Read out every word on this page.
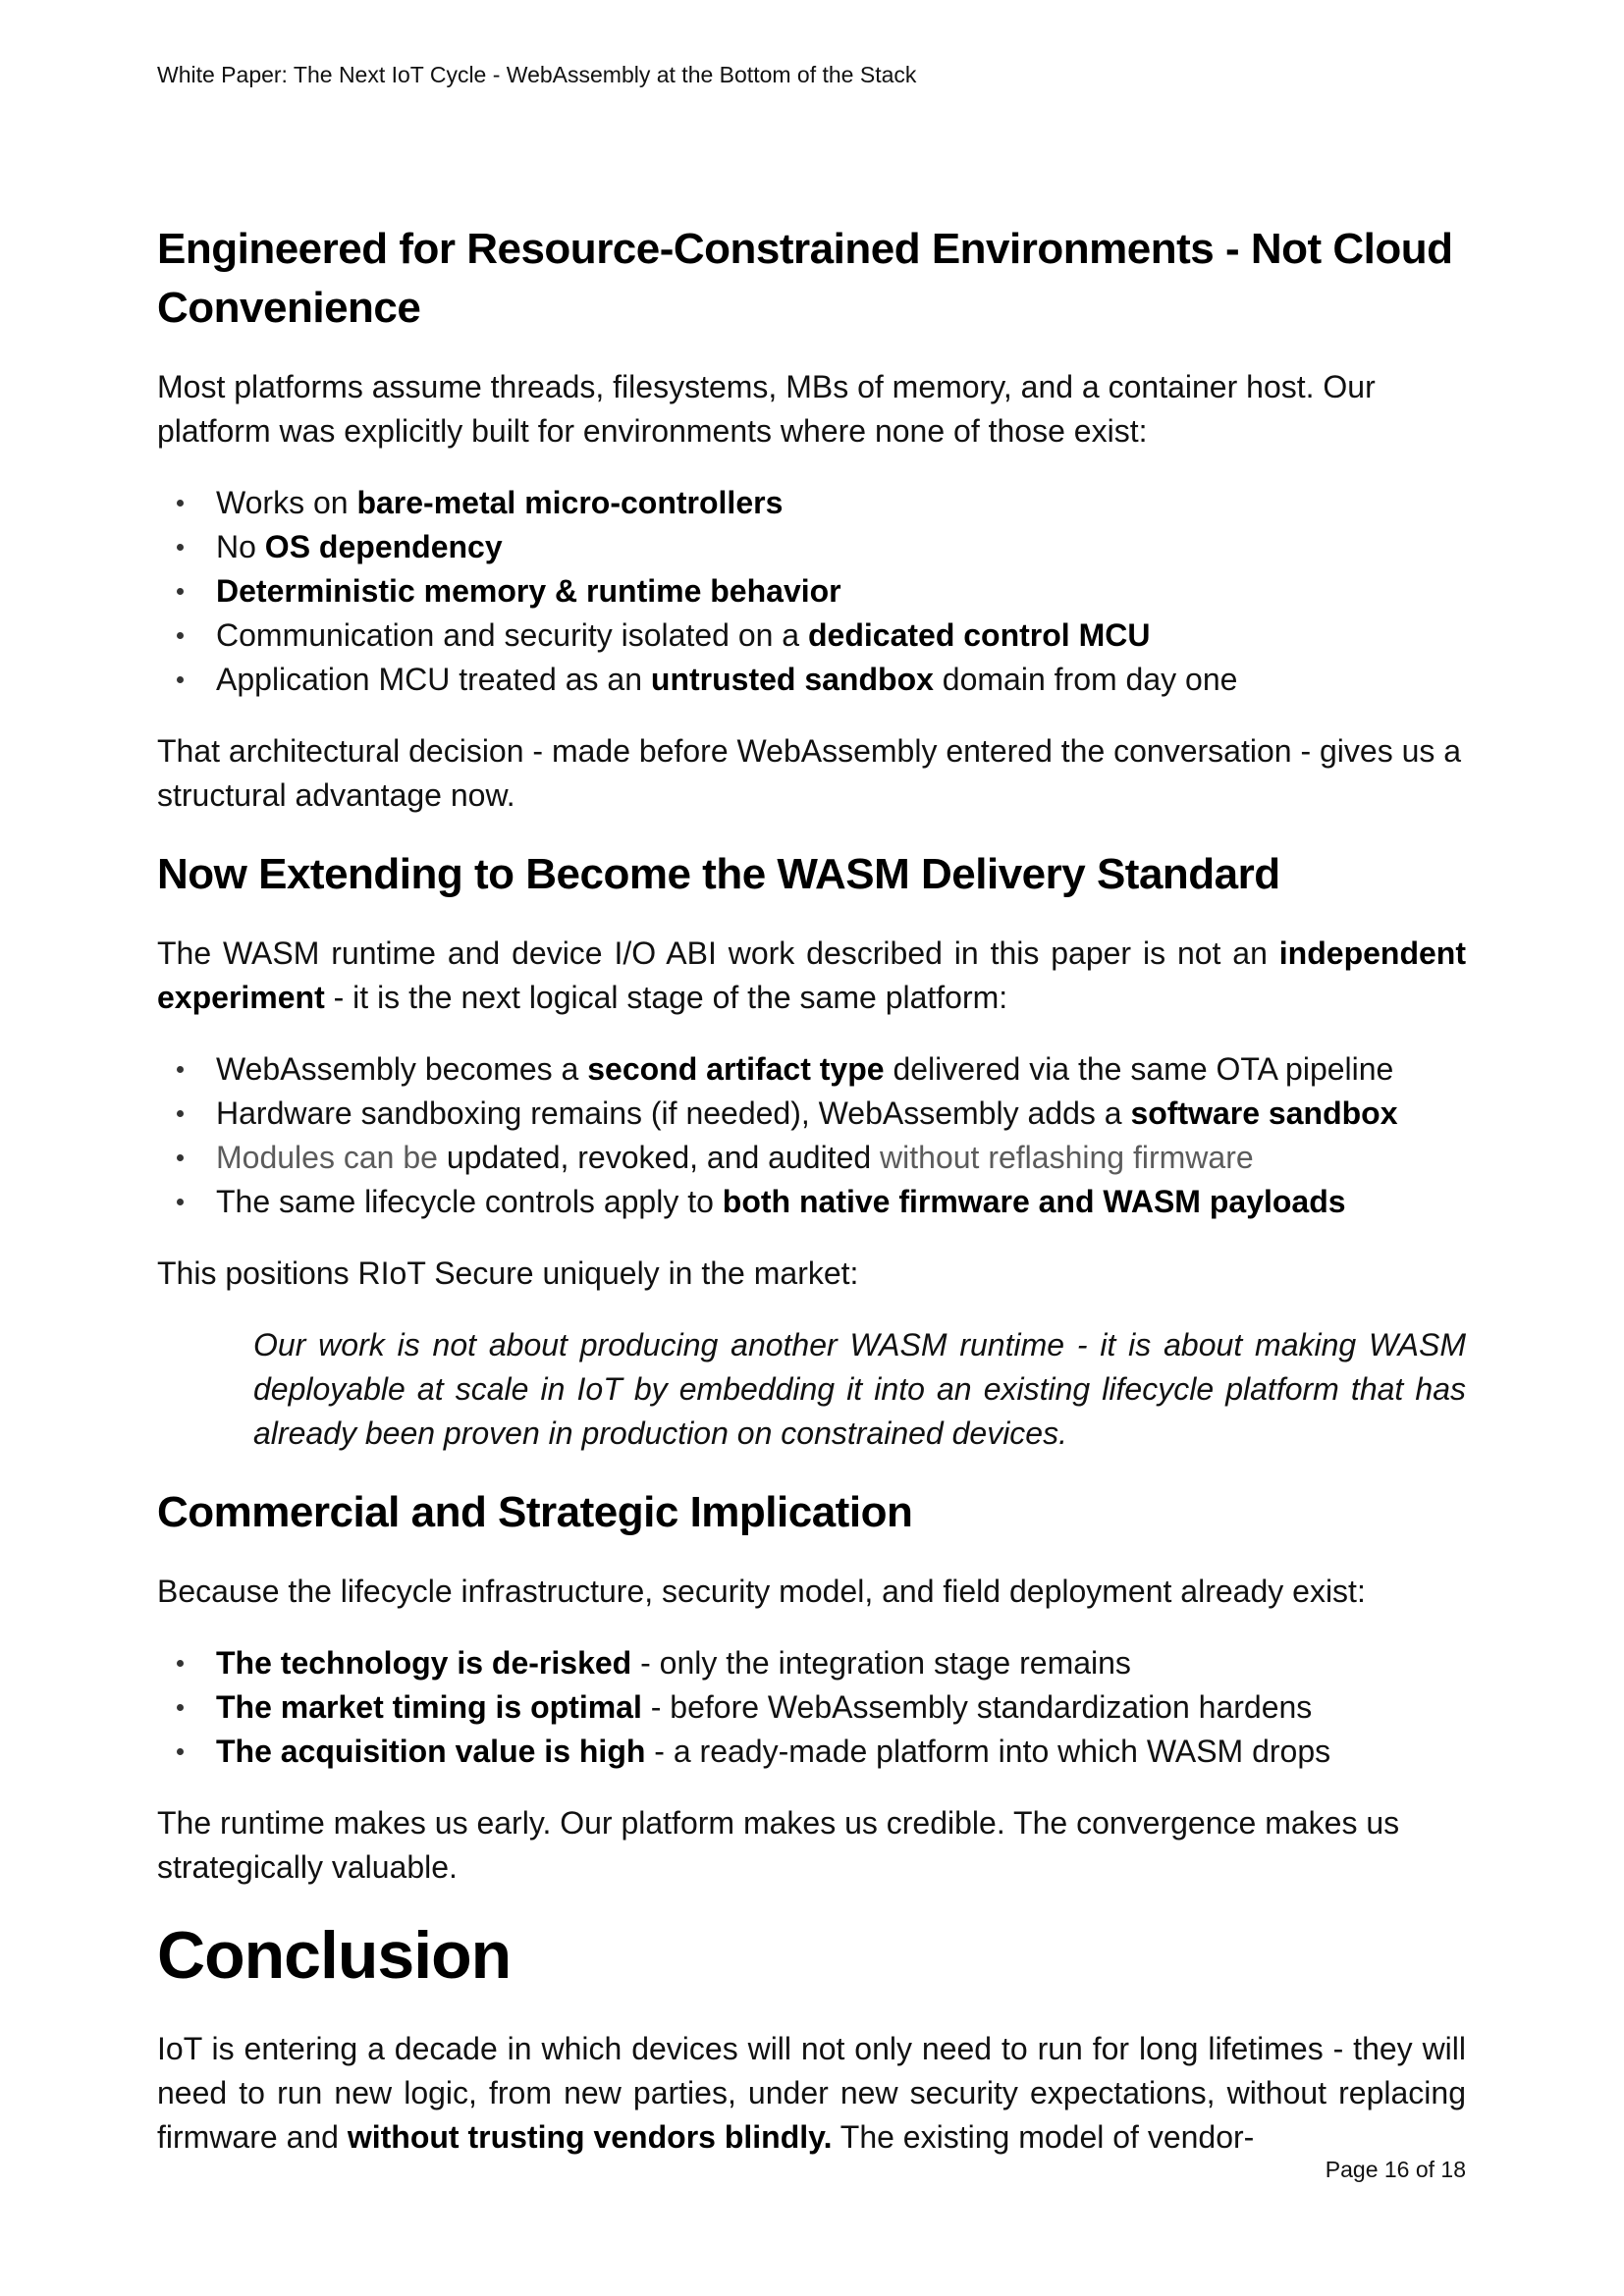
White Paper: The Next IoT Cycle - WebAssembly at the Bottom of the Stack
Engineered for Resource-Constrained Environments - Not Cloud Convenience

Most platforms assume threads, filesystems, MBs of memory, and a container host. Our platform was explicitly built for environments where none of those exist:

Works on bare-metal micro-controllers
No OS dependency
Deterministic memory & runtime behavior
Communication and security isolated on a dedicated control MCU
Application MCU treated as an untrusted sandbox domain from day one

That architectural decision - made before WebAssembly entered the conversation - gives us a structural advantage now.

Now Extending to Become the WASM Delivery Standard

The WASM runtime and device I/O ABI work described in this paper is not an independent experiment - it is the next logical stage of the same platform:

WebAssembly becomes a second artifact type delivered via the same OTA pipeline
Hardware sandboxing remains (if needed), WebAssembly adds a software sandbox
Modules can be updated, revoked, and audited without reflashing firmware
The same lifecycle controls apply to both native firmware and WASM payloads

This positions RIoT Secure uniquely in the market:

Our work is not about producing another WASM runtime - it is about making WASM deployable at scale in IoT by embedding it into an existing lifecycle platform that has already been proven in production on constrained devices.
Commercial and Strategic Implication

Because the lifecycle infrastructure, security model, and field deployment already exist:

The technology is de-risked - only the integration stage remains
The market timing is optimal - before WebAssembly standardization hardens
The acquisition value is high - a ready-made platform into which WASM drops

The runtime makes us early. Our platform makes us credible. The convergence makes us strategically valuable.

Conclusion

IoT is entering a decade in which devices will not only need to run for long lifetimes - they will need to run new logic, from new parties, under new security expectations, without replacing firmware and without trusting vendors blindly. The existing model of vendor-

Page 16 of 18
